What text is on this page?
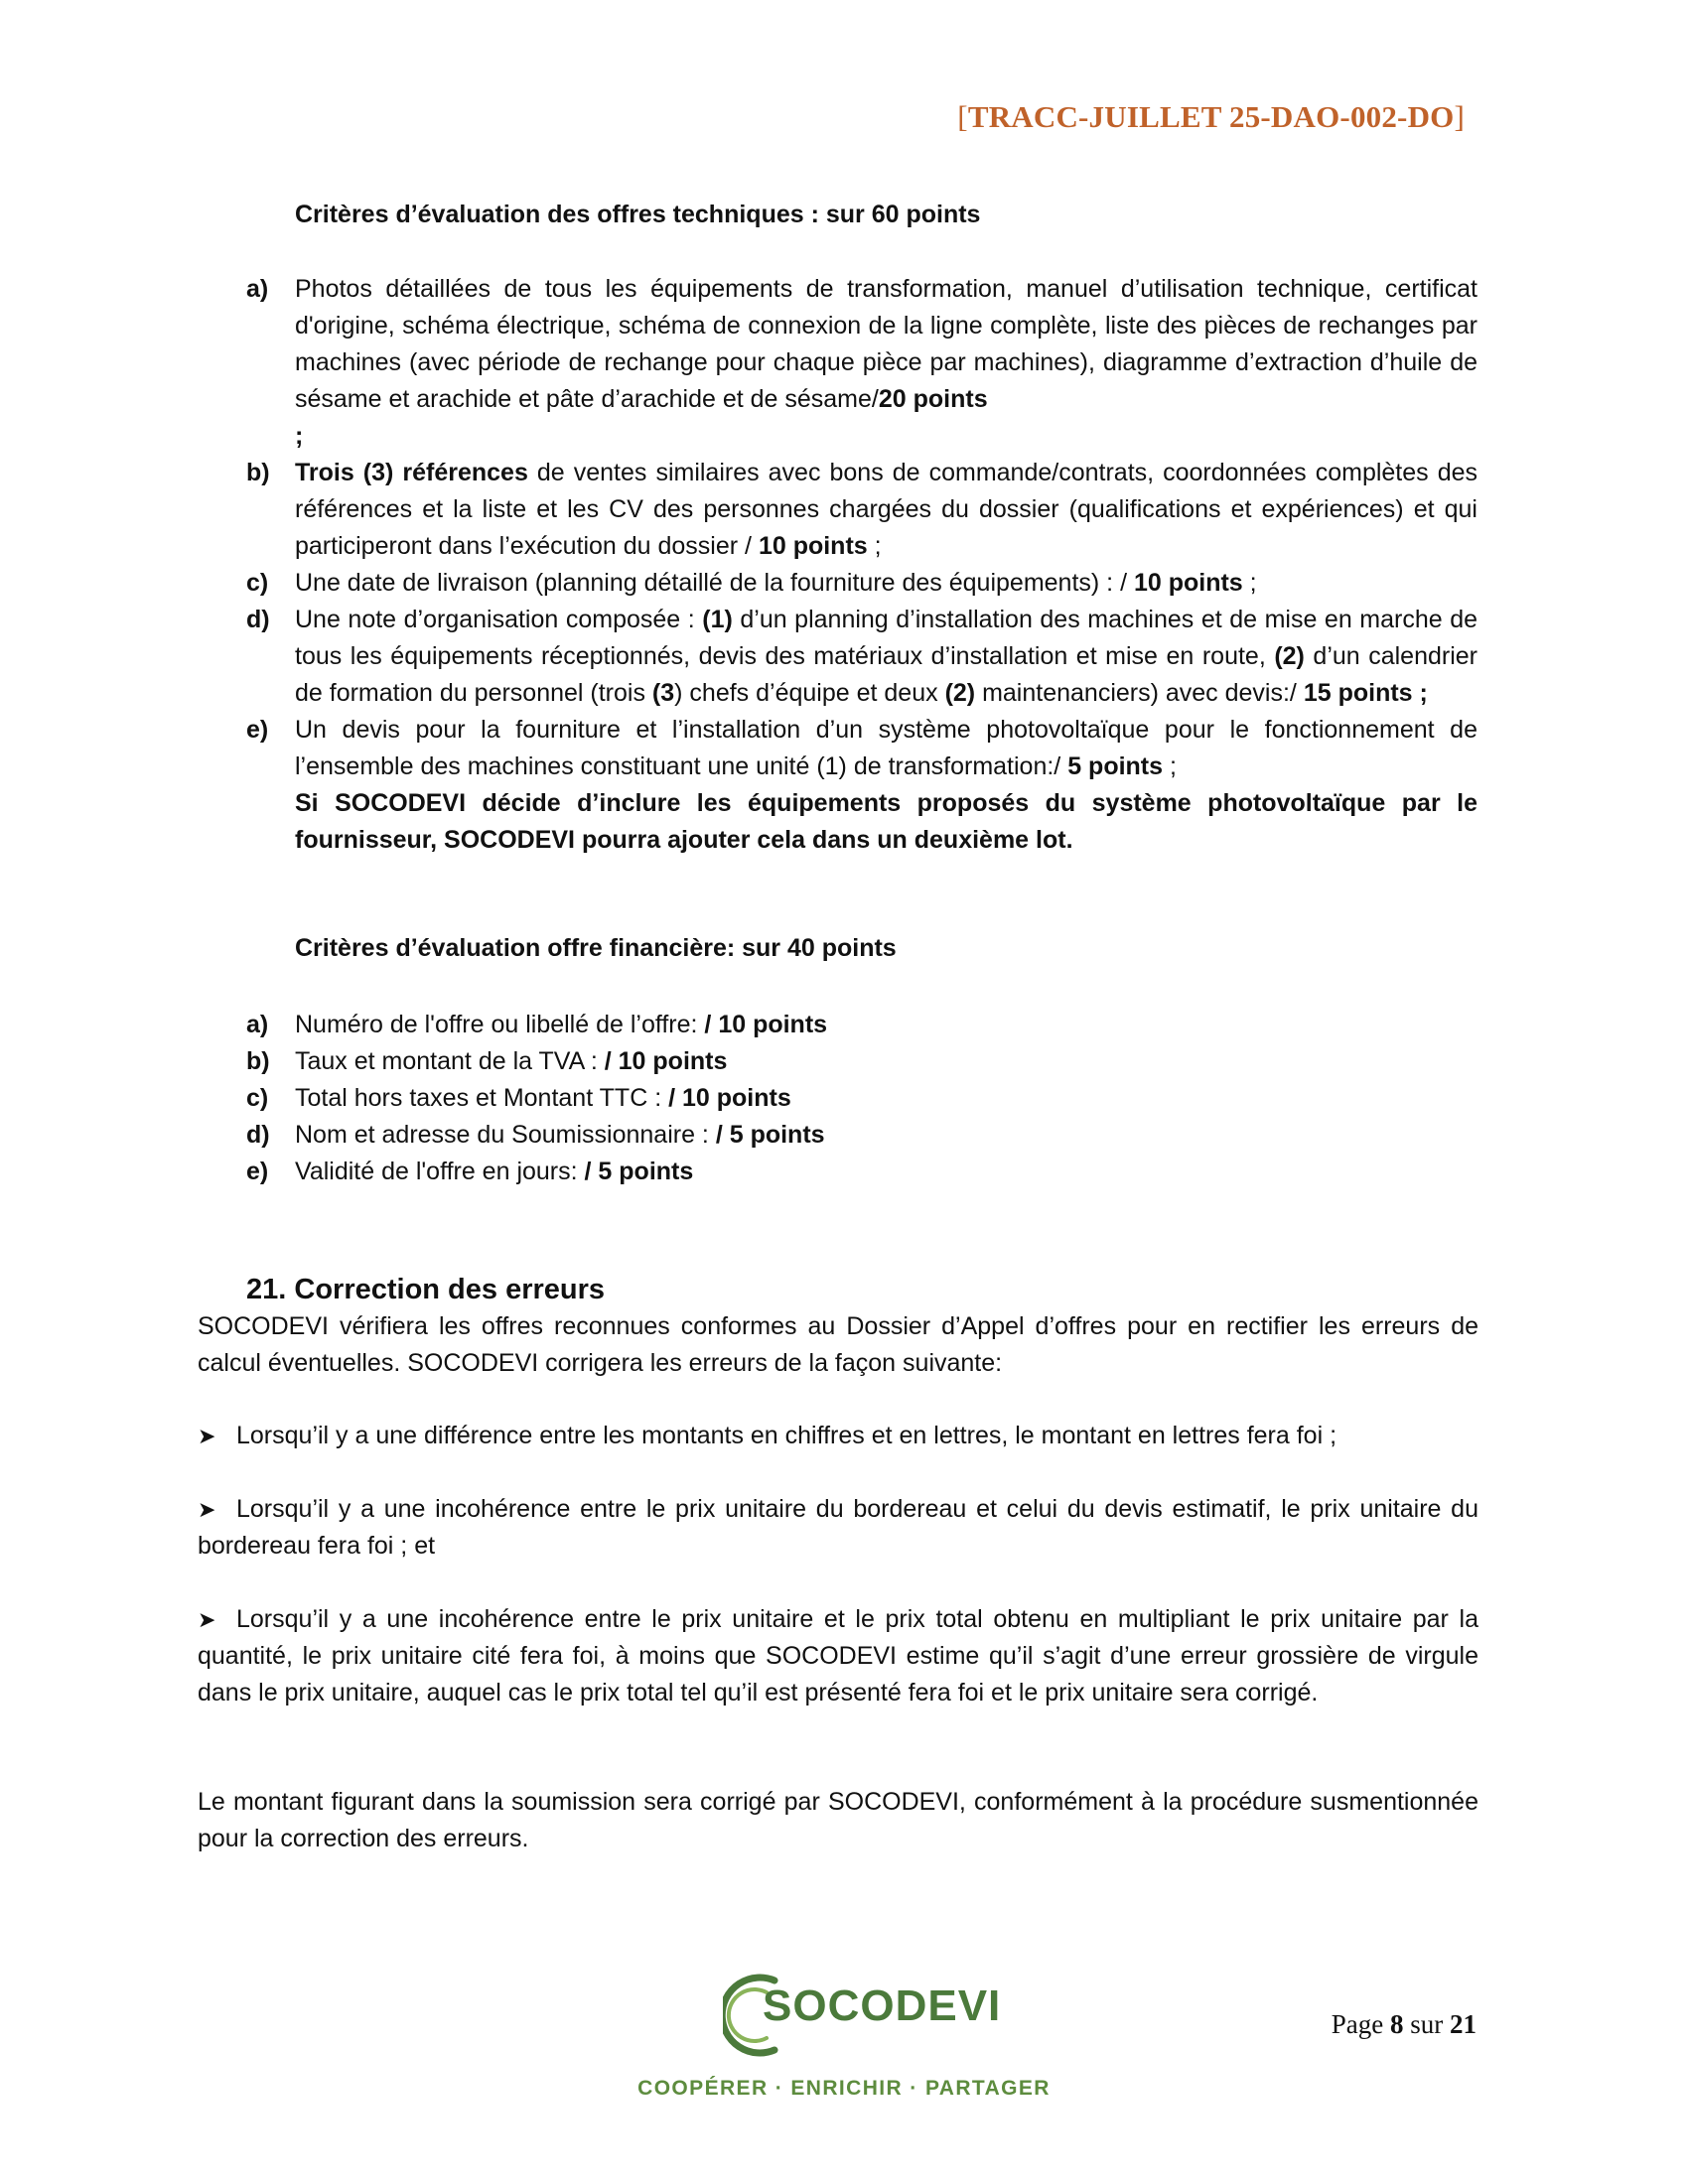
[TRACC-JUILLET 25-DAO-002-DO]
Critères d’évaluation des offres techniques : sur 60 points
a)	Photos détaillées de tous les équipements de transformation, manuel d’utilisation technique, certificat d'origine, schéma électrique, schéma de connexion de la ligne complète, liste des pièces de rechanges par machines (avec période de rechange pour chaque pièce par machines), diagramme d’extraction d’huile de sésame et arachide et pâte d’arachide et de sésame/20 points
;
b)	Trois (3) références de ventes similaires avec bons de commande/contrats, coordonnées complètes des références et la liste et les CV des personnes chargées du dossier (qualifications et expériences) et qui participeront dans l’exécution du dossier / 10 points ;
c)	Une date de livraison (planning détaillé de la fourniture des équipements) : / 10 points ;
d)	Une note d’organisation composée : (1) d’un planning d’installation des machines et de mise en marche de tous les équipements réceptionnés, devis des matériaux d’installation et mise en route, (2) d’un calendrier de formation du personnel (trois (3) chefs d’équipe et deux (2) maintenanciers) avec devis:/ 15 points ;
e)	Un devis pour la fourniture et l’installation d’un système photovoltaïque pour le fonctionnement de l’ensemble des machines constituant une unité (1) de transformation:/ 5 points ;
Si SOCODEVI décide d’inclure les équipements proposés du système photovoltaïque par le fournisseur, SOCODEVI pourra ajouter cela dans un deuxième lot.
Critères d’évaluation offre financière: sur 40 points
a)	Numéro de l'offre ou libellé de l’offre: / 10 points
b)	Taux et montant de la TVA : / 10 points
c)	Total hors taxes et Montant TTC : / 10 points
d)	Nom et adresse du Soumissionnaire : / 5 points
e)	Validité de l'offre en jours: / 5 points
21. Correction des erreurs
SOCODEVI vérifiera les offres reconnues conformes au Dossier d’Appel d’offres pour en rectifier les erreurs de calcul éventuelles. SOCODEVI corrigera les erreurs de la façon suivante:
➤ Lorsqu’il y a une différence entre les montants en chiffres et en lettres, le montant en lettres fera foi ;
➤ Lorsqu’il y a une incohérence entre le prix unitaire du bordereau et celui du devis estimatif, le prix unitaire du bordereau fera foi ; et
➤ Lorsqu’il y a une incohérence entre le prix unitaire et le prix total obtenu en multipliant le prix unitaire par la quantité, le prix unitaire cité fera foi, à moins que SOCODEVI estime qu’il s’agit d’une erreur grossière de virgule dans le prix unitaire, auquel cas le prix total tel qu’il est présenté fera foi et le prix unitaire sera corrigé.
Le montant figurant dans la soumission sera corrigé par SOCODEVI, conformément à la procédure susmentionnée pour la correction des erreurs.
SOCODEVI
COOPÉRER · ENRICHIR · PARTAGER
Page 8 sur 21
